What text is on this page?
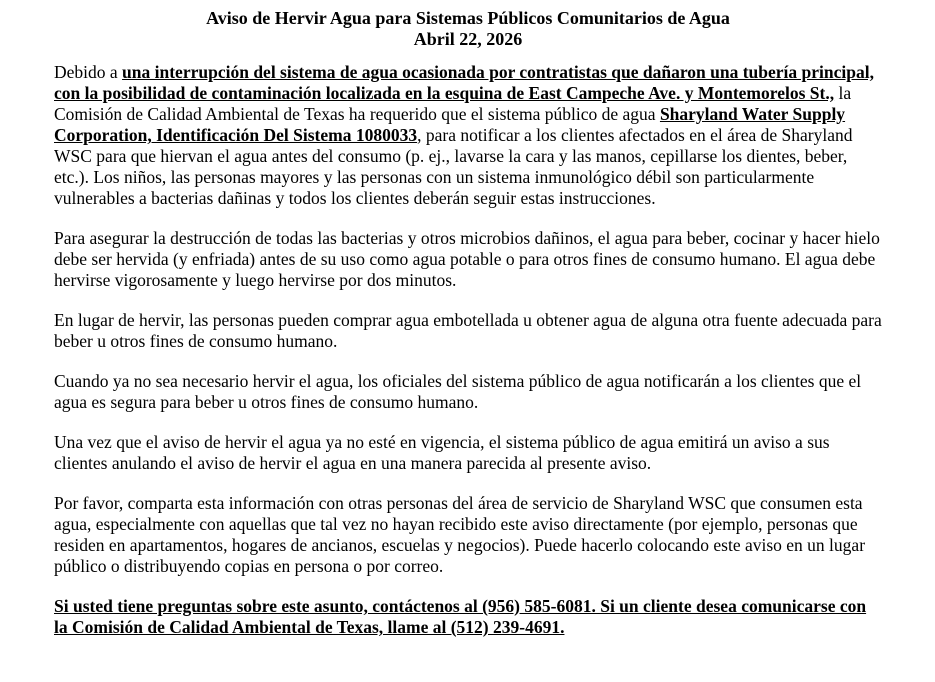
Aviso de Hervir Agua para Sistemas Públicos Comunitarios de Agua
Abril 22, 2026

Debido a una interrupción del sistema de agua ocasionada por contratistas que dañaron una tubería principal, con la posibilidad de contaminación localizada en la esquina de East Campeche Ave. y Montemorelos St., la Comisión de Calidad Ambiental de Texas ha requerido que el sistema público de agua Sharyland Water Supply Corporation, Identificación Del Sistema 1080033, para notificar a los clientes afectados en el área de Sharyland WSC para que hiervan el agua antes del consumo (p. ej., lavarse la cara y las manos, cepillarse los dientes, beber, etc.). Los niños, las personas mayores y las personas con un sistema inmunológico débil son particularmente vulnerables a bacterias dañinas y todos los clientes deberán seguir estas instrucciones.

Para asegurar la destrucción de todas las bacterias y otros microbios dañinos, el agua para beber, cocinar y hacer hielo debe ser hervida (y enfriada) antes de su uso como agua potable o para otros fines de consumo humano. El agua debe hervirse vigorosamente y luego hervirse por dos minutos.

En lugar de hervir, las personas pueden comprar agua embotellada u obtener agua de alguna otra fuente adecuada para beber u otros fines de consumo humano.

Cuando ya no sea necesario hervir el agua, los oficiales del sistema público de agua notificarán a los clientes que el agua es segura para beber u otros fines de consumo humano.

Una vez que el aviso de hervir el agua ya no esté en vigencia, el sistema público de agua emitirá un aviso a sus clientes anulando el aviso de hervir el agua en una manera parecida al presente aviso.

Por favor, comparta esta información con otras personas del área de servicio de Sharyland WSC que consumen esta agua, especialmente con aquellas que tal vez no hayan recibido este aviso directamente (por ejemplo, personas que residen en apartamentos, hogares de ancianos, escuelas y negocios). Puede hacerlo colocando este aviso en un lugar público o distribuyendo copias en persona o por correo.

Si usted tiene preguntas sobre este asunto, contáctenos al (956) 585-6081. Si un cliente desea comunicarse con la Comisión de Calidad Ambiental de Texas, llame al (512) 239-4691.
